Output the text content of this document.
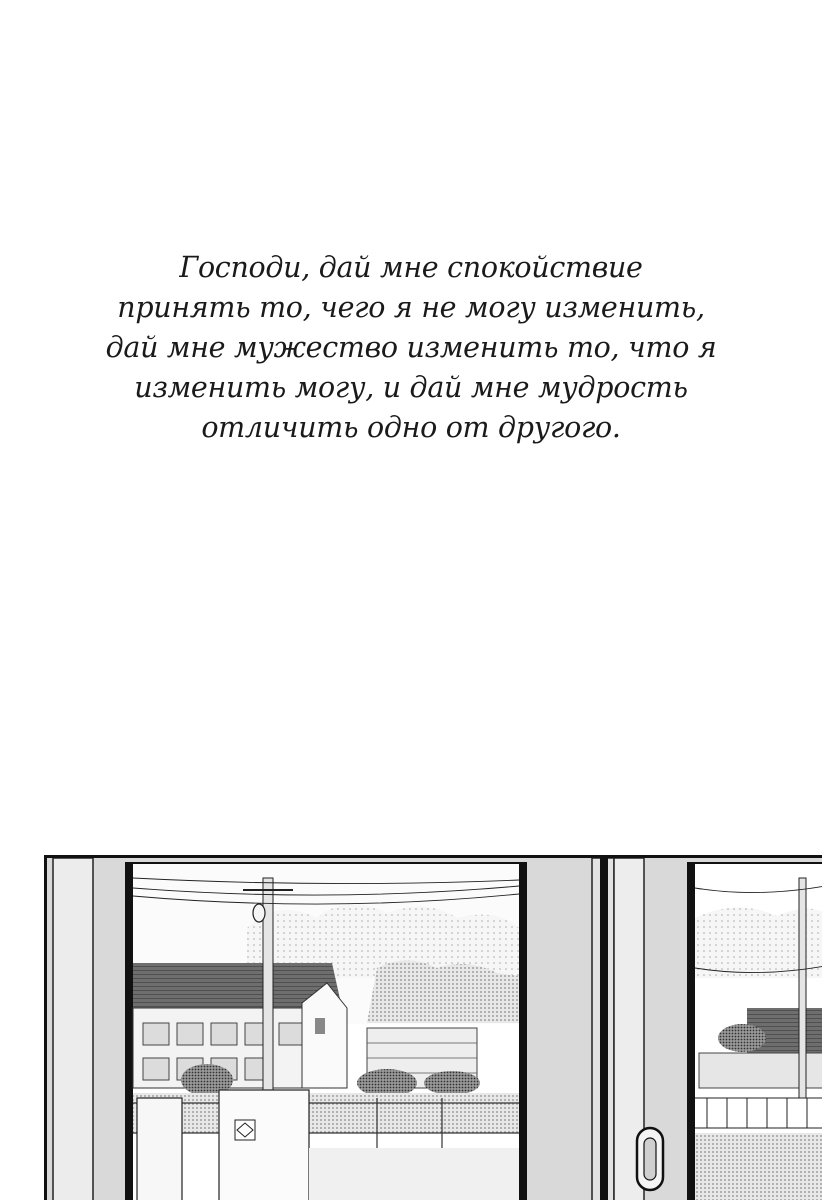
Господи, дай мне спокойствие
принять то, чего я не могу изменить,
дай мне мужество изменить то, что я
изменить могу, и дай мне мудрость
отличить одно от другого.
